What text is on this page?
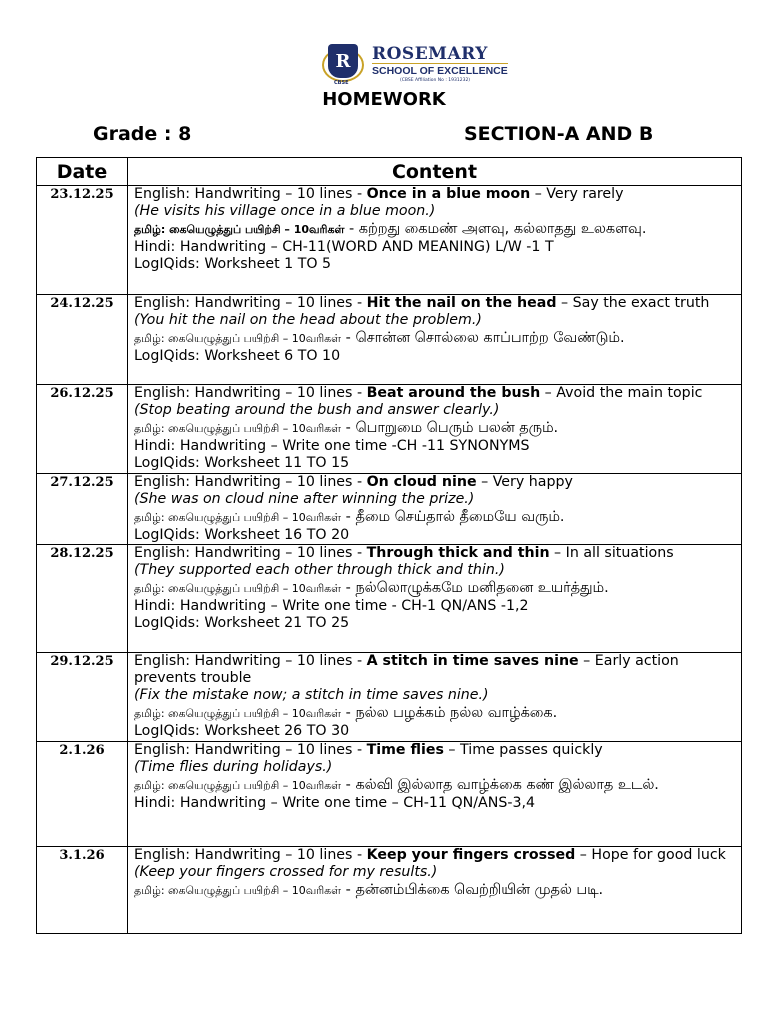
R
CBSE
ROSEMARY
SCHOOL OF EXCELLENCE
(CBSE Affiliation No : 1931232)
HOMEWORK
Grade : 8	SECTION-A AND B
Date	Content
23.12.25	English: Handwriting – 10 lines - Once in a blue moon – Very rarely
(He visits his village once in a blue moon.)
தமிழ்: கையெழுத்துப் பயிற்சி – 10வரிகள் - கற்றது கைமண் அளவு, கல்லாதது உலகளவு.
Hindi: Handwriting – CH-11(WORD AND MEANING) L/W -1 T
LogIQids: Worksheet 1 TO 5

24.12.25	English: Handwriting – 10 lines - Hit the nail on the head – Say the exact truth (You hit the nail on the head about the problem.)
தமிழ்: கையெழுத்துப் பயிற்சி – 10வரிகள் - சொன்ன சொல்லை காப்பாற்ற வேண்டும்.
LogIQids: Worksheet 6 TO 10

26.12.25	English: Handwriting – 10 lines - Beat around the bush – Avoid the main topic (Stop beating around the bush and answer clearly.)
தமிழ்: கையெழுத்துப் பயிற்சி – 10வரிகள் - பொறுமை பெரும் பலன் தரும்.
Hindi: Handwriting – Write one time -CH -11 SYNONYMS
LogIQids: Worksheet 11 TO 15

27.12.25	English: Handwriting – 10 lines - On cloud nine – Very happy
(She was on cloud nine after winning the prize.)
தமிழ்: கையெழுத்துப் பயிற்சி – 10வரிகள் - தீமை செய்தால் தீமையே வரும்.
LogIQids: Worksheet 16 TO 20

28.12.25	English: Handwriting – 10 lines - Through thick and thin – In all situations
(They supported each other through thick and thin.)
தமிழ்: கையெழுத்துப் பயிற்சி – 10வரிகள் - நல்லொழுக்கமே மனிதனை உயர்த்தும்.
Hindi: Handwriting – Write one time - CH-1 QN/ANS -1,2
LogIQids: Worksheet 21 TO 25

29.12.25	English: Handwriting – 10 lines - A stitch in time saves nine – Early action prevents trouble
(Fix the mistake now; a stitch in time saves nine.)
தமிழ்: கையெழுத்துப் பயிற்சி – 10வரிகள் - நல்ல பழக்கம் நல்ல வாழ்க்கை.
LogIQids: Worksheet 26 TO 30

2.1.26	English: Handwriting – 10 lines - Time flies – Time passes quickly
(Time flies during holidays.)
தமிழ்: கையெழுத்துப் பயிற்சி – 10வரிகள் - கல்வி இல்லாத வாழ்க்கை கண் இல்லாத உடல்.
Hindi: Handwriting – Write one time – CH-11 QN/ANS-3,4

3.1.26	English: Handwriting – 10 lines - Keep your fingers crossed – Hope for good luck
(Keep your fingers crossed for my results.)
தமிழ்: கையெழுத்துப் பயிற்சி – 10வரிகள் - தன்னம்பிக்கை வெற்றியின் முதல் படி.
